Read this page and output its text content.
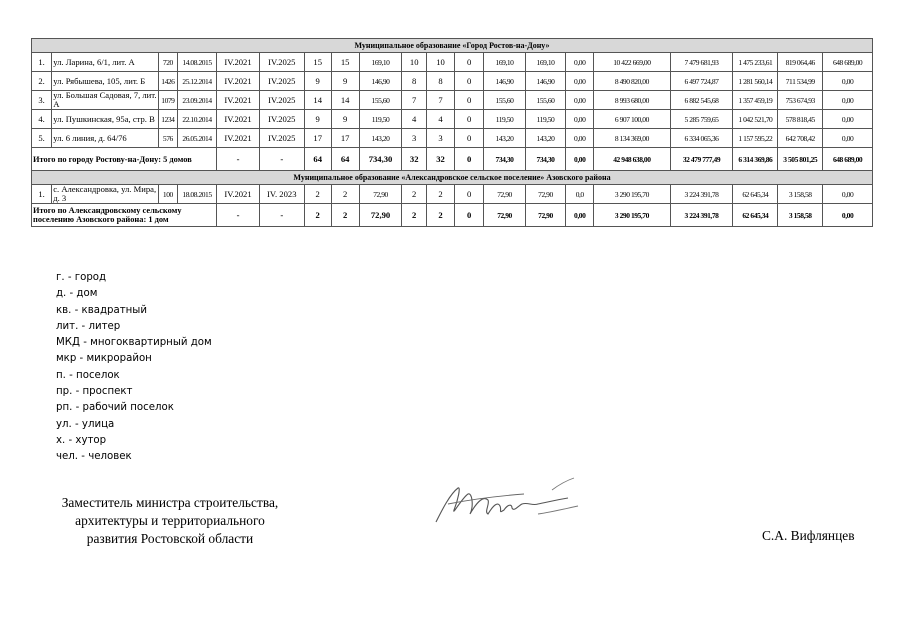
Муниципальное образование «Город Ростов-на-Дону»																			
1.	ул. Ларина, 6/1, лит. А	720	14.08.2015	IV.2021	IV.2025	15	15	169,10	10	10	0	169,10	169,10	0,00	10 422 669,00	7 479 681,93	1 475 233,61	819 064,46	648 689,00
2.	ул. Рябышева, 105, лит. Б	1426	25.12.2014	IV.2021	IV.2025	9	9	146,90	8	8	0	146,90	146,90	0,00	8 490 820,00	6 497 724,87	1 281 560,14	711 534,99	0,00
3.	ул. Большая Садовая, 7, лит. А	1079	23.09.2014	IV.2021	IV.2025	14	14	155,60	7	7	0	155,60	155,60	0,00	8 993 680,00	6 882 545,68	1 357 459,19	753 674,93	0,00
4.	ул. Пушкинская, 95а, стр. В	1234	22.10.2014	IV.2021	IV.2025	9	9	119,50	4	4	0	119,50	119,50	0,00	6 907 100,00	5 285 759,65	1 042 521,70	578 818,45	0,00
5.	ул. 6 линия, д. 64/76	576	26.05.2014	IV.2021	IV.2025	17	17	143,20	3	3	0	143,20	143,20	0,00	8 134 369,00	6 334 065,36	1 157 595,22	642 708,42	0,00
Итого по городу Ростову-на-Дону: 5 домов				-	-	64	64	734,30	32	32	0	734,30	734,30	0,00	42 948 638,00	32 479 777,49	6 314 369,86	3 505 801,25	648 689,00
Муниципальное образование «Александровское сельское поселение» Азовского района																			
1.	с. Александровка, ул. Мира, д. 3	100	18.08.2015	IV.2021	IV. 2023	2	2	72,90	2	2	0	72,90	72,90	0,0	3 290 195,70	3 224 391,78	62 645,34	3 158,58	0,00
Итого по Александровскому сельскому поселению Азовского района: 1 дом				-	-	2	2	72,90	2	2	0	72,90	72,90	0,00	3 290 195,70	3 224 391,78	62 645,34	3 158,58	0,00
г. - город
д. - дом
кв. - квадратный
лит. - литер
МКД - многоквартирный дом
мкр - микрорайон
п. - поселок
пр. - проспект
рп. - рабочий поселок
ул. - улица
х. - хутор
чел. - человек
Заместитель министра строительства,
архитектуры и территориального
развития Ростовской области	С.А. Вифлянцев
